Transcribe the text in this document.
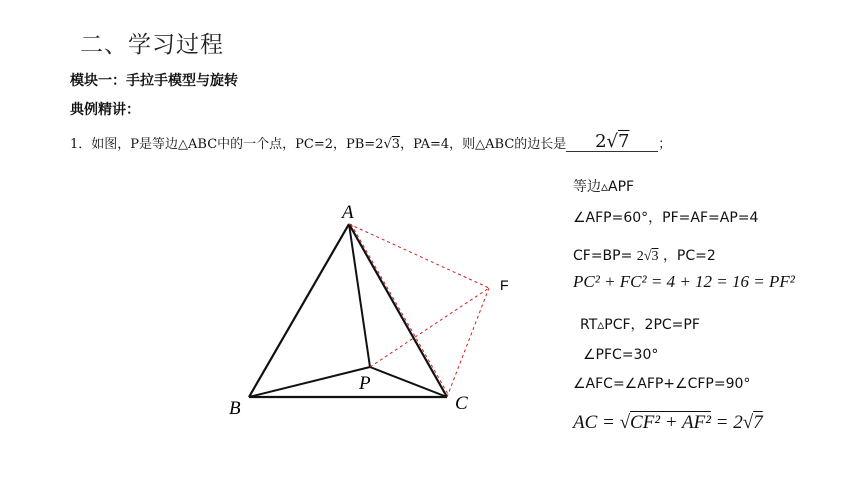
二、学习过程
模块一：手拉手模型与旋转
典例精讲：
1．如图，P是等边△ABC中的一个点，PC=2，PB=2√3，PA=4，则△ABC的边长是 2√7 ；
A
B	C
P
F
等边▵APF
∠AFP=60°，PF=AF=AP=4
CF=BP= 2√3 ，PC=2
PC² + FC² = 4 + 12 = 16 = PF²
RT▵PCF，2PC=PF
∠PFC=30°
∠AFC=∠AFP+∠CFP=90°
AC = √CF² + AF² = 2√7
